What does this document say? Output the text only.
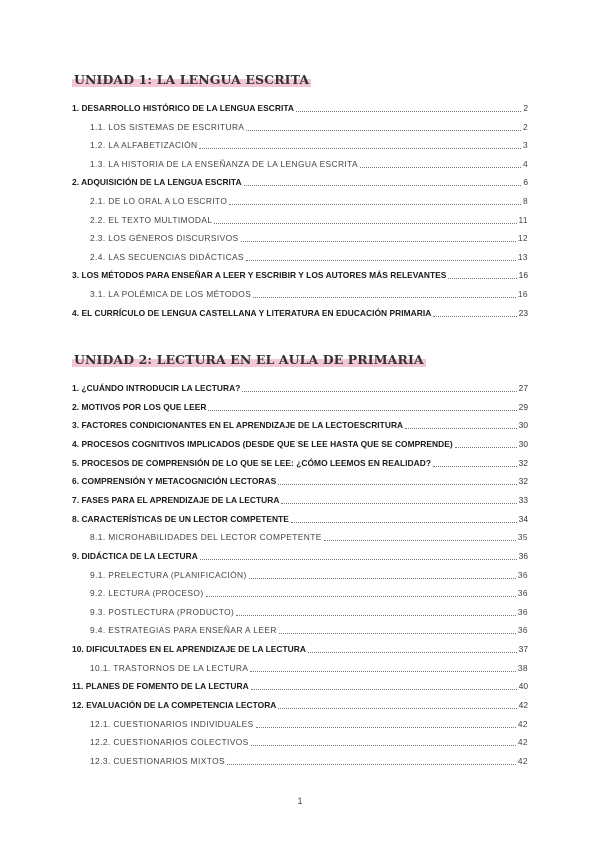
UNIDAD 1: LA LENGUA ESCRITA
1. DESARROLLO HISTÓRICO DE LA LENGUA ESCRITA	2
1.1. LOS SISTEMAS DE ESCRITURA	2
1.2. LA ALFABETIZACIÓN	3
1.3. LA HISTORIA DE LA ENSEÑANZA DE LA LENGUA ESCRITA	4
2. ADQUISICIÓN DE LA LENGUA ESCRITA	6
2.1. DE LO ORAL A LO ESCRITO	8
2.2. EL TEXTO MULTIMODAL	11
2.3. LOS GÉNEROS DISCURSIVOS	12
2.4. LAS SECUENCIAS DIDÁCTICAS	13
3. LOS MÉTODOS PARA ENSEÑAR A LEER Y ESCRIBIR Y LOS AUTORES MÁS RELEVANTES	16
3.1. LA POLÉMICA DE LOS MÉTODOS	16
4. EL CURRÍCULO DE LENGUA CASTELLANA Y LITERATURA EN EDUCACIÓN PRIMARIA	23
UNIDAD 2: LECTURA EN EL AULA DE PRIMARIA
1. ¿CUÁNDO INTRODUCIR LA LECTURA?	27
2. MOTIVOS POR LOS QUE LEER	29
3. FACTORES CONDICIONANTES EN EL APRENDIZAJE DE LA LECTOESCRITURA	30
4. PROCESOS COGNITIVOS IMPLICADOS (DESDE QUE SE LEE HASTA QUE SE COMPRENDE)	30
5. PROCESOS DE COMPRENSIÓN DE LO QUE SE LEE: ¿CÓMO LEEMOS EN REALIDAD?	32
6. COMPRENSIÓN Y METACOGNICIÓN LECTORAS	32
7. FASES PARA EL APRENDIZAJE DE LA LECTURA	33
8. CARACTERÍSTICAS DE UN LECTOR COMPETENTE	34
8.1. MICROHABILIDADES DEL LECTOR COMPETENTE	35
9. DIDÁCTICA DE LA LECTURA	36
9.1. PRELECTURA (PLANIFICACIÓN)	36
9.2. LECTURA (PROCESO)	36
9.3. POSTLECTURA (PRODUCTO)	36
9.4. ESTRATEGIAS PARA ENSEÑAR A LEER	36
10. DIFICULTADES EN EL APRENDIZAJE DE LA LECTURA	37
10.1. TRASTORNOS DE LA LECTURA	38
11. PLANES DE FOMENTO DE LA LECTURA	40
12. EVALUACIÓN DE LA COMPETENCIA LECTORA	42
12.1. CUESTIONARIOS INDIVIDUALES	42
12.2. CUESTIONARIOS COLECTIVOS	42
12.3. CUESTIONARIOS MIXTOS	42
1
